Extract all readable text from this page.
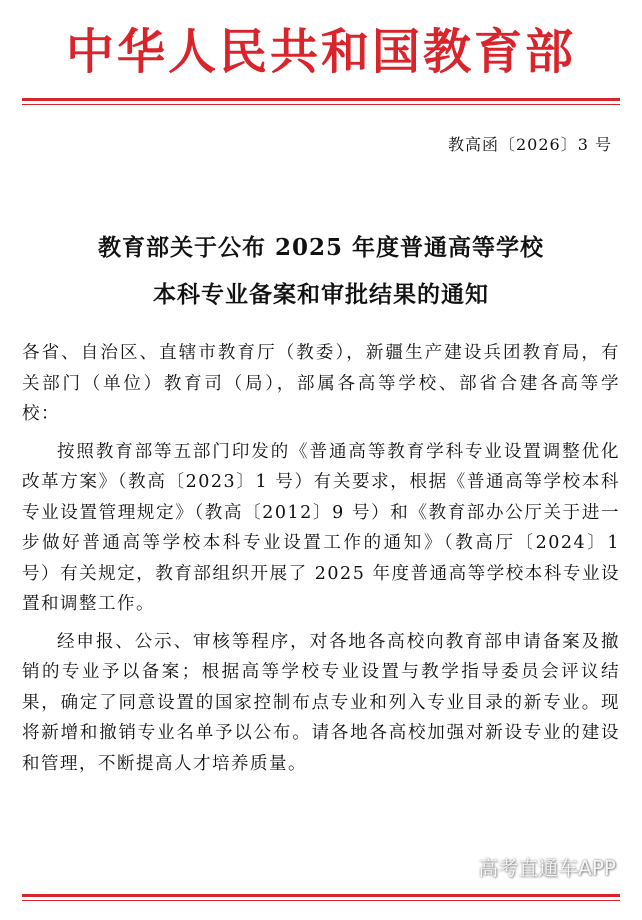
中华人民共和国教育部
教高函〔2026〕3 号
教育部关于公布 2025 年度普通高等学校
本科专业备案和审批结果的通知

各省、自治区、直辖市教育厅（教委），新疆生产建设兵团教育局，有关部门（单位）教育司（局），部属各高等学校、部省合建各高等学校：

按照教育部等五部门印发的《普通高等教育学科专业设置调整优化改革方案》（教高〔2023〕1 号）有关要求，根据《普通高等学校本科专业设置管理规定》（教高〔2012〕9 号）和《教育部办公厅关于进一步做好普通高等学校本科专业设置工作的通知》（教高厅〔2024〕1 号）有关规定，教育部组织开展了 2025 年度普通高等学校本科专业设置和调整工作。

经申报、公示、审核等程序，对各地各高校向教育部申请备案及撤销的专业予以备案；根据高等学校专业设置与教学指导委员会评议结果，确定了同意设置的国家控制布点专业和列入专业目录的新专业。现将新增和撤销专业名单予以公布。请各地各高校加强对新设专业的建设和管理，不断提高人才培养质量。

高考直通车APP
